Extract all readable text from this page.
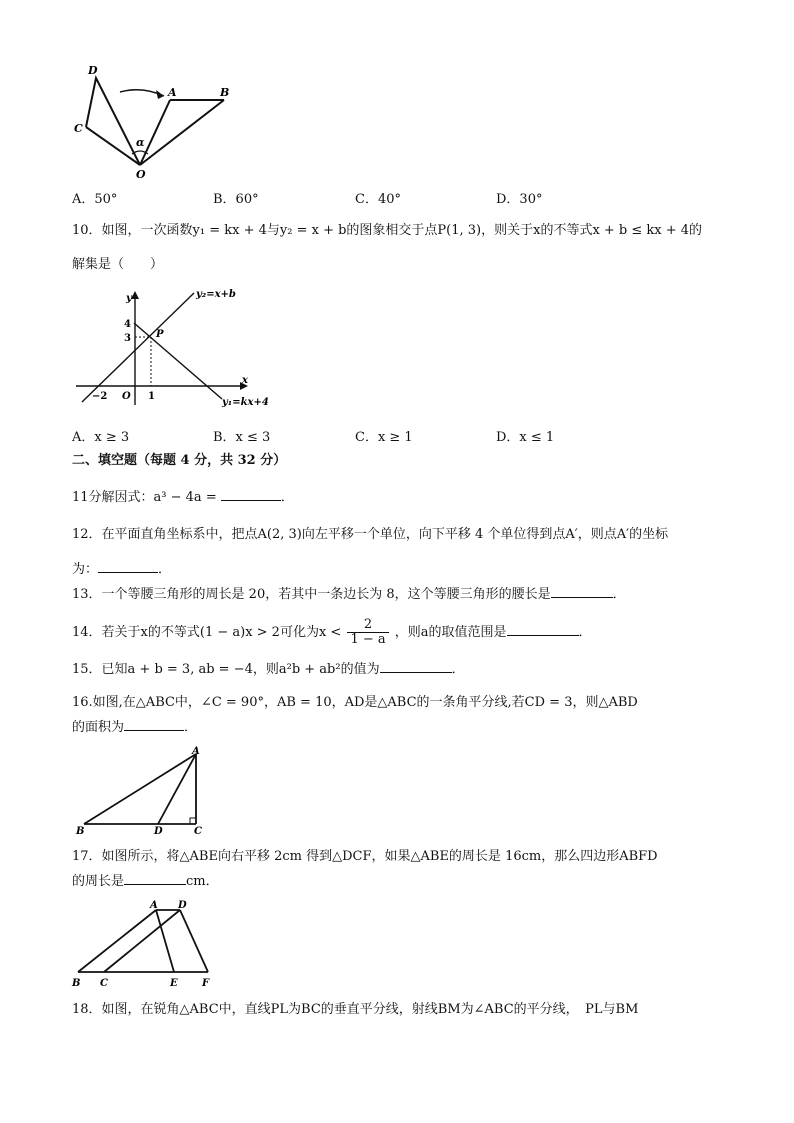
D
A	B
C
O
α
A．50°	B．60°	C．40°	D．30°
10．如图，一次函数y₁ = kx + 4与y₂ = x + b的图象相交于点P(1, 3)，则关于x的不等式x + b ≤ kx + 4的
解集是（　　）
y
x
O
−2	1
4
3	P
y₂=x+b
y₁=kx+4
A．x ≥ 3	B．x ≤ 3	C．x ≥ 1	D．x ≤ 1
二、填空题（每题 4 分，共 32 分）
11分解因式：a³ − 4a =	．
12．在平面直角坐标系中，把点A(2, 3)向左平移一个单位，向下平移 4 个单位得到点A′，则点A′的坐标
为：	．
13．一个等腰三角形的周长是 20，若其中一条边长为 8，这个等腰三角形的腰长是	．
14．若关于x的不等式(1 − a)x > 2可化为$x < \frac{2}{1 - a}$ ，则a的取值范围是	．
15．已知a + b = 3, ab = −4，则a²b + ab²的值为	．
16.如图,在△ABC中，∠C = 90°，AB = 10，AD是△ABC的一条角平分线,若CD = 3，则△ABD
的面积为	．
A
B	D	C
17．如图所示，将△ABE向右平移 2cm 得到△DCF，如果△ABE的周长是 16cm，那么四边形ABFD
的周长是	cm．
A D
B C	E F
18．如图，在锐角△ABC中，直线PL为BC的垂直平分线，射线BM为∠ABC的平分线，　PL与BM
